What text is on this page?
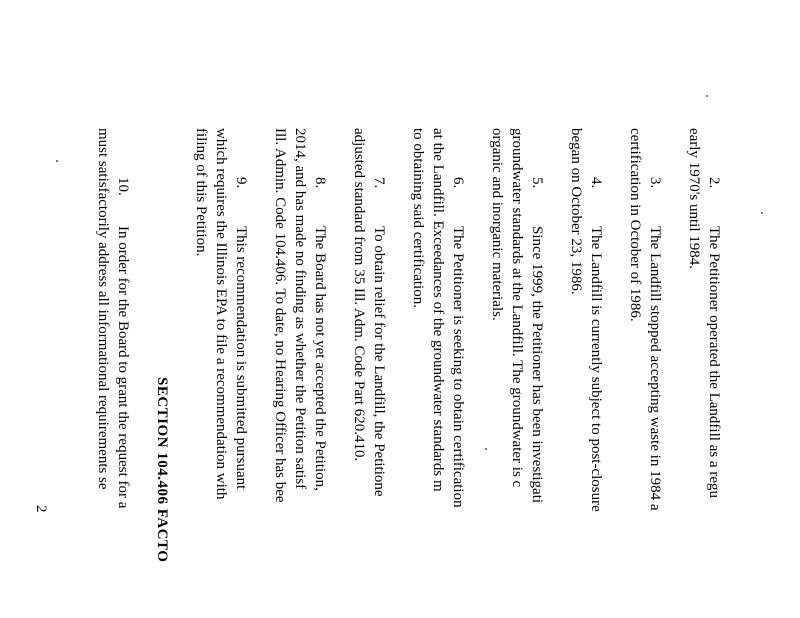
2.
The Petitioner operated the Landfill as a regu
early 1970's until 1984.
3.
The Landfill stopped accepting waste in 1984 a
certification in October of 1986.
4.
The Landfill is currently subject to post-closure
began on October 23, 1986.
5.
Since 1999, the Petitioner has been investigati
groundwater standards at the Landfill. The groundwater is c
organic and inorganic materials.
6.
The Petitioner is seeking to obtain certification
at the Landfill. Exceedances of the groundwater standards m
to obtaining said certification.
7.
To obtain relief for the Landfill, the Petitione
adjusted standard from 35 Ill. Adm. Code Part 620.410.
8.
The Board has not yet accepted the Petition,
2014, and has made no finding as whether the Petition satisf
Ill. Admin. Code 104.406. To date, no Hearing Officer has bee
9.
This recommendation is submitted pursuant
which requires the Illinois EPA to file a recommendation with
filing of this Petition.
SECTION 104.406 FACTO
10.
In order for the Board to grant the request for a
must satisfactorily address all informational requirements se
2
